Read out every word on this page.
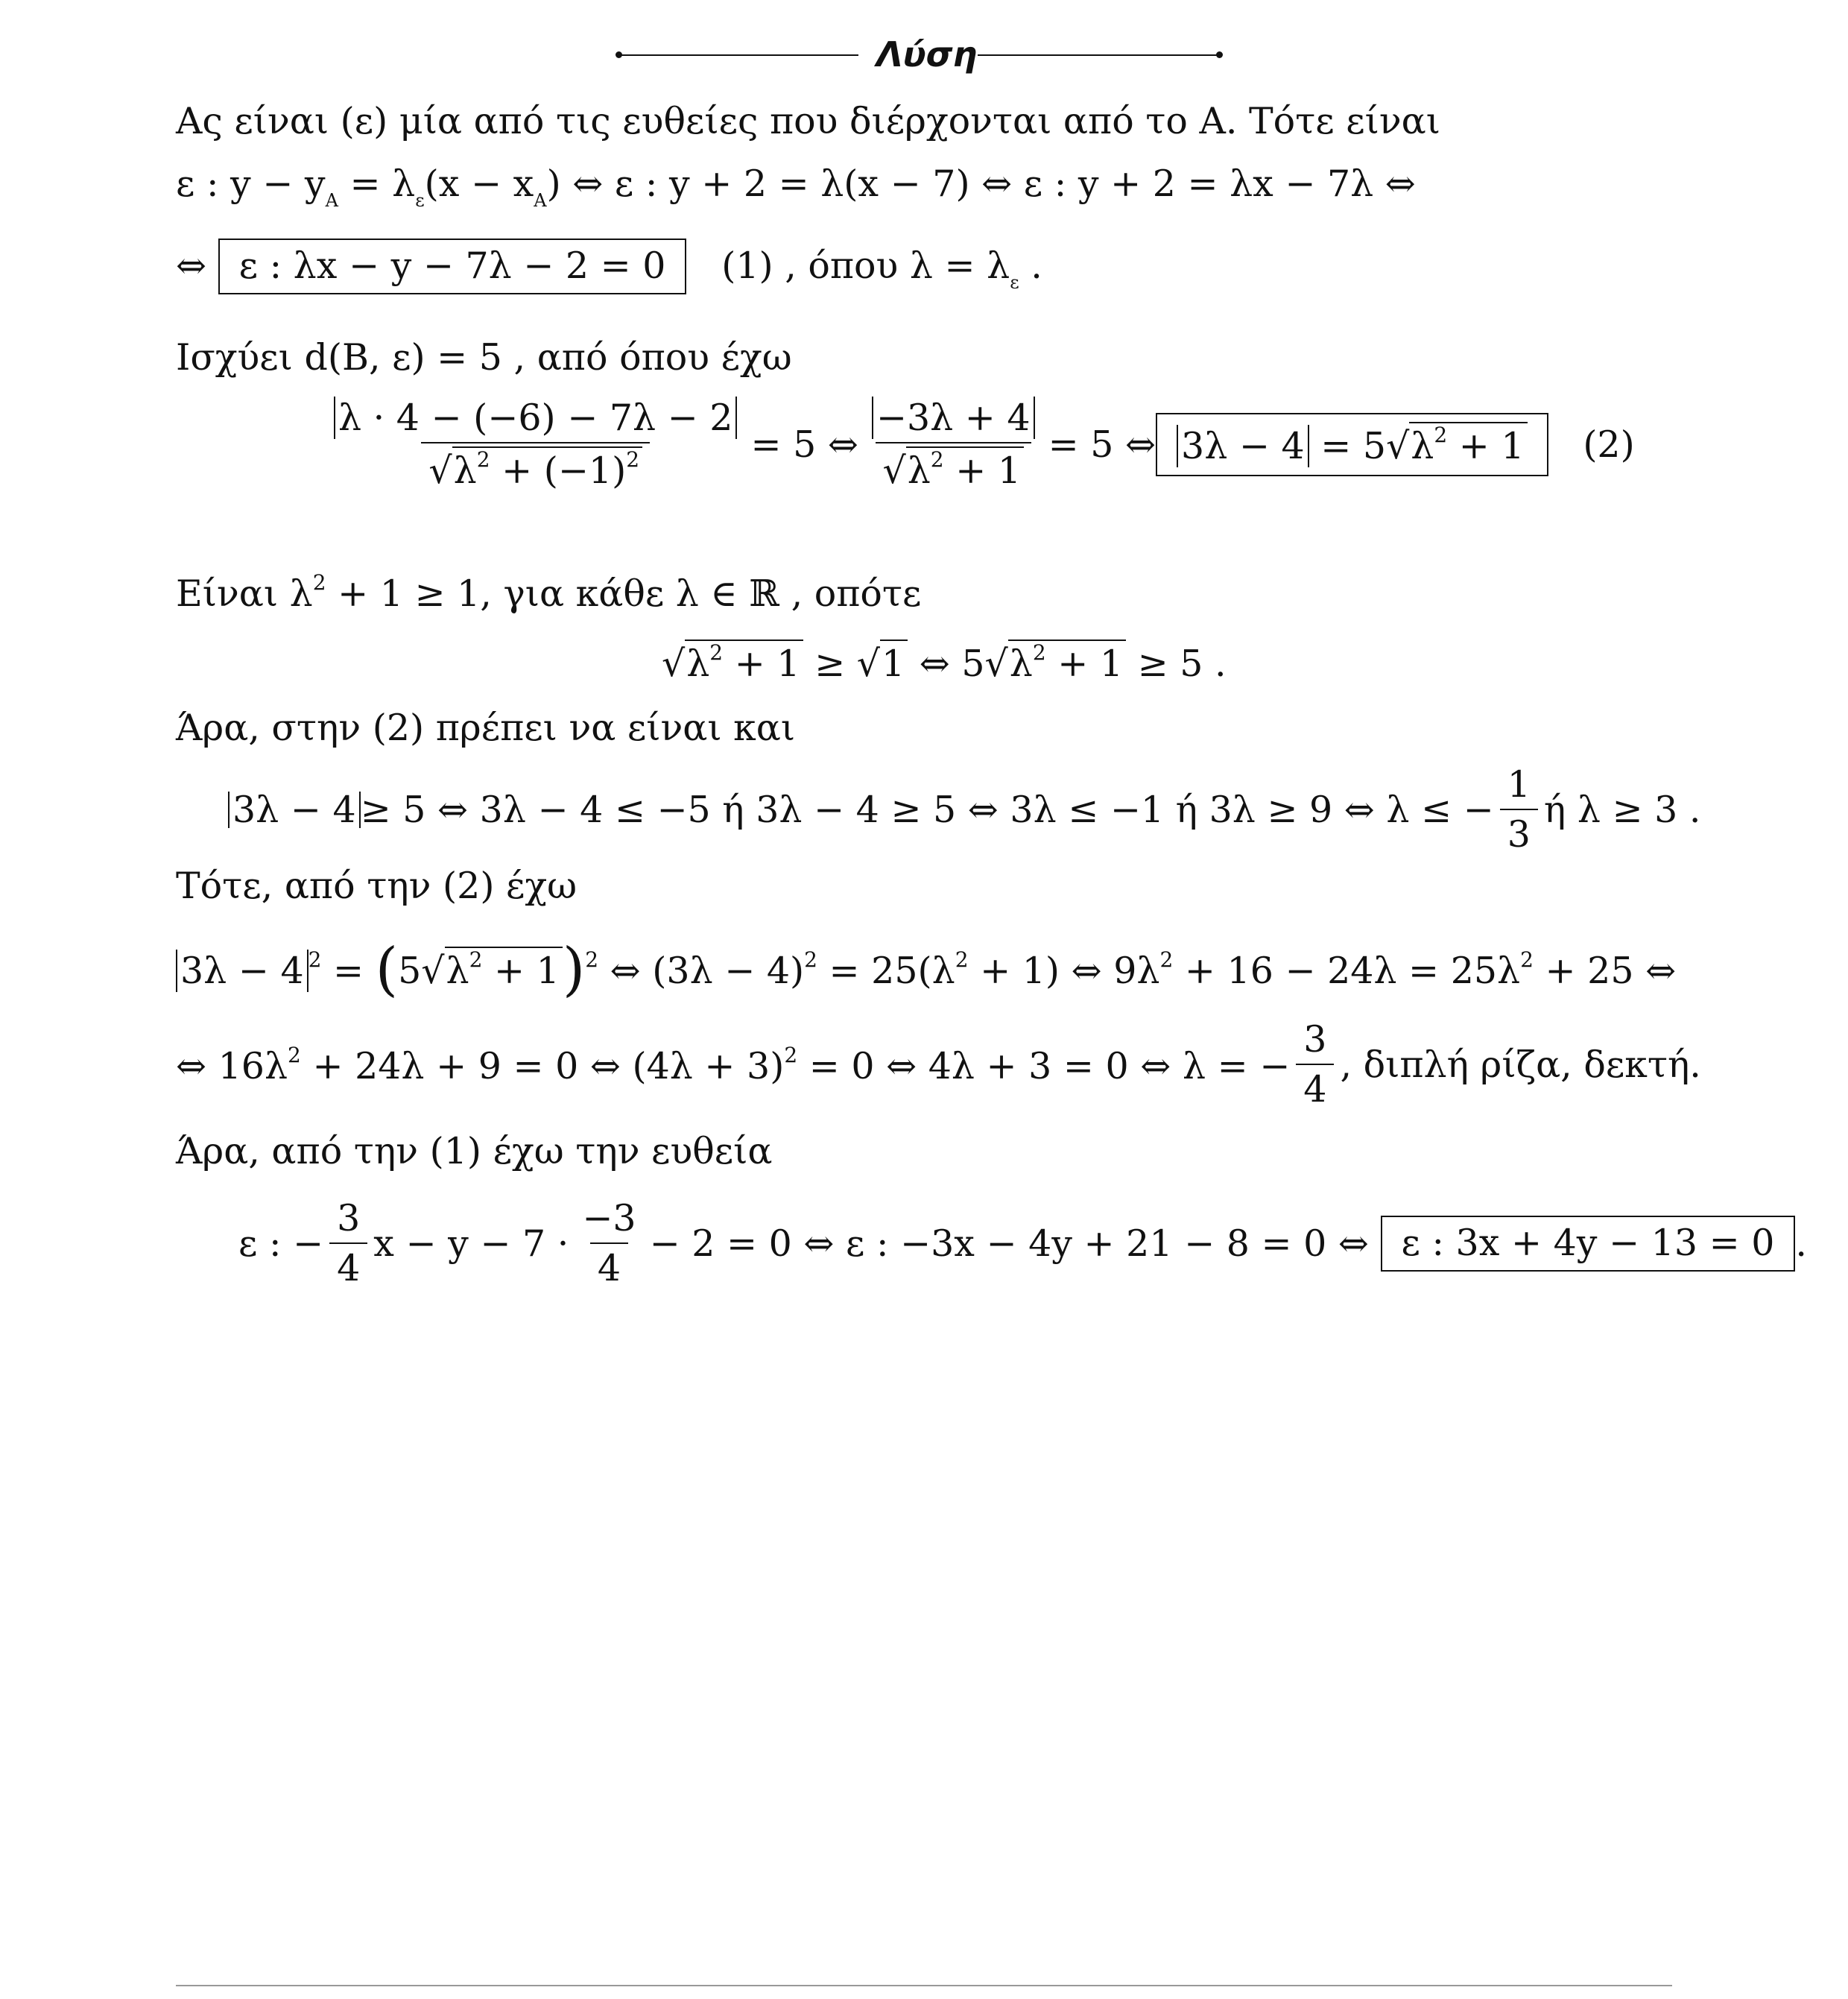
Λύση
Ας είναι (ε) μία από τις ευθείες που διέρχονται από το Α. Τότε είναι
ε : $y - y_A = \lambda_\varepsilon(x - x_A)$ ⇔ ε : y + 2 = λ(x − 7) ⇔ ε : y + 2 = λx − 7λ ⇔
⇔ ε : λx − y − 7λ − 2 = 0 (1) , όπου $\lambda = \lambda_\varepsilon$ .
Ισχύει d(Β, ε) = 5 , από όπου έχω
$\frac{\lambda \cdot 4 - (-6) - 7\lambda - 2}{√\lambda^2 + (-1)^2} = 5$ ⇔ $\frac{-3\lambda + 4}{√\lambda^2 + 1} = 5$ ⇔ $3\lambda - 4 = 5√\lambda^2 + 1$
	(2)
Είναι $\lambda^2 + 1 \ge 1$, για κάθε λ ∈ ℝ , οπότε
$√\lambda^2 + 1 \ge √1$ ⇔ $5√\lambda^2 + 1 \ge 5$ .
Άρα, στην (2) πρέπει να είναι και
3λ − 4 ≥ 5 ⇔ 3λ − 4 ≤ −5 ή 3λ − 4 ≥ 5 ⇔ 3λ ≤ −1 ή 3λ ≥ 9 ⇔ λ ≤ − $\frac{1}{3}$ ή λ ≥ 3 .
Τότε, από την (2) έχω
3λ − 4 $^2 = (5√\lambda^2 + 1)^2$ ⇔ $(3\lambda - 4)^2 = 25(\lambda^2 + 1)$ ⇔ $9\lambda^2 + 16 - 24\lambda = 25\lambda^2 + 25$ ⇔
⇔ $16\lambda^2 + 24\lambda + 9 = 0$ ⇔ $(4\lambda + 3)^2 = 0$ ⇔ 4λ + 3 = 0 ⇔ λ = − $\frac{3}{4}$ , διπλή ρίζα, δεκτή.
Άρα, από την (1) έχω την ευθεία
ε : − $\frac{3}{4}$ $x - y - 7 \cdot \frac{-3}{4} - 2 = 0$ ⇔ ε : −3x − 4y + 21 − 8 = 0 ⇔
ε : 3x + 4y − 13 = 0 .
